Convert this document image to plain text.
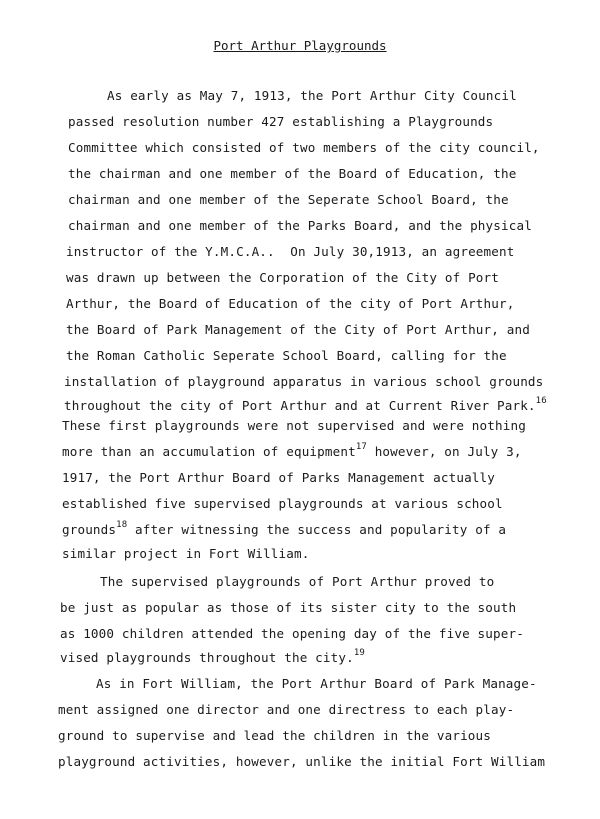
Port Arthur Playgrounds
As early as May 7, 1913, the Port Arthur City Council
passed resolution number 427 establishing a Playgrounds
Committee which consisted of two members of the city council,
the chairman and one member of the Board of Education, the
chairman and one member of the Seperate School Board, the
chairman and one member of the Parks Board, and the physical
instructor of the Y.M.C.A..  On July 30,1913, an agreement
was drawn up between the Corporation of the City of Port
Arthur, the Board of Education of the city of Port Arthur,
the Board of Park Management of the City of Port Arthur, and
the Roman Catholic Seperate School Board, calling for the
installation of playground apparatus in various school grounds
throughout the city of Port Arthur and at Current River Park.$^{16}$
These first playgrounds were not supervised and were nothing
more than an accumulation of equipment$^{17}$ however, on July 3,
1917, the Port Arthur Board of Parks Management actually
established five supervised playgrounds at various school
grounds$^{18}$ after witnessing the success and popularity of a
similar project in Fort William.
The supervised playgrounds of Port Arthur proved to
be just as popular as those of its sister city to the south
as 1000 children attended the opening day of the five super-
vised playgrounds throughout the city.$^{19}$
As in Fort William, the Port Arthur Board of Park Manage-
ment assigned one director and one directress to each play-
ground to supervise and lead the children in the various
playground activities, however, unlike the initial Fort William
